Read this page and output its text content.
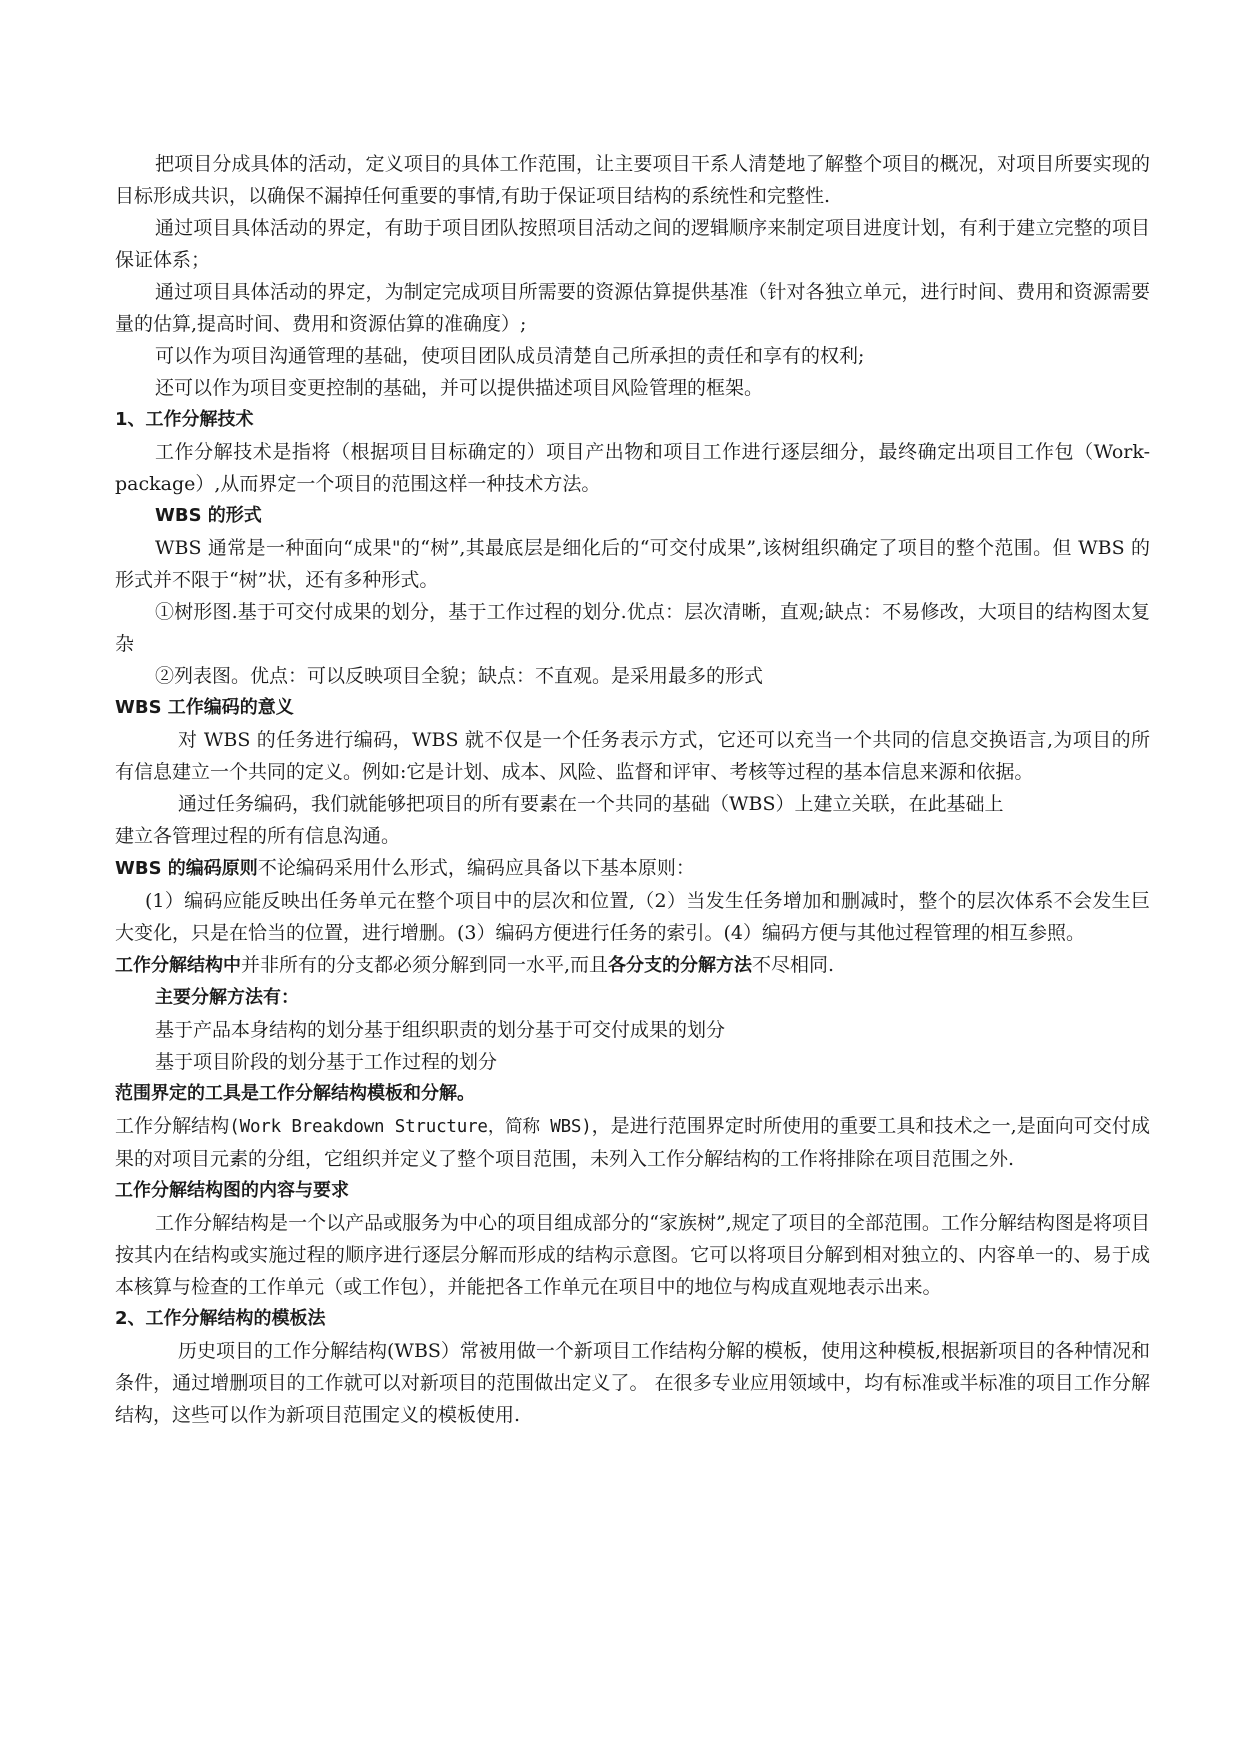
把项目分成具体的活动，定义项目的具体工作范围，让主要项目干系人清楚地了解整个项目的概况，对项目所要实现的目标形成共识，以确保不漏掉任何重要的事情,有助于保证项目结构的系统性和完整性.

通过项目具体活动的界定，有助于项目团队按照项目活动之间的逻辑顺序来制定项目进度计划，有利于建立完整的项目保证体系；

通过项目具体活动的界定，为制定完成项目所需要的资源估算提供基准（针对各独立单元，进行时间、费用和资源需要量的估算,提高时间、费用和资源估算的准确度）;

可以作为项目沟通管理的基础，使项目团队成员清楚自己所承担的责任和享有的权利;

还可以作为项目变更控制的基础，并可以提供描述项目风险管理的框架。

1、工作分解技术

工作分解技术是指将（根据项目目标确定的）项目产出物和项目工作进行逐层细分，最终确定出项目工作包（Work-package）,从而界定一个项目的范围这样一种技术方法。

WBS 的形式

WBS 通常是一种面向“成果"的“树”,其最底层是细化后的“可交付成果”,该树组织确定了项目的整个范围。但 WBS 的形式并不限于“树”状，还有多种形式。

①树形图.基于可交付成果的划分，基于工作过程的划分.优点：层次清晰，直观;缺点：不易修改，大项目的结构图太复杂

②列表图。优点：可以反映项目全貌；缺点：不直观。是采用最多的形式

WBS 工作编码的意义

对 WBS 的任务进行编码，WBS 就不仅是一个任务表示方式，它还可以充当一个共同的信息交换语言,为项目的所有信息建立一个共同的定义。例如:它是计划、成本、风险、监督和评审、考核等过程的基本信息来源和依据。

通过任务编码，我们就能够把项目的所有要素在一个共同的基础（WBS）上建立关联，在此基础上
建立各管理过程的所有信息沟通。

WBS 的编码原则不论编码采用什么形式，编码应具备以下基本原则：

(1）编码应能反映出任务单元在整个项目中的层次和位置,（2）当发生任务增加和删减时，整个的层次体系不会发生巨大变化，只是在恰当的位置，进行增删。(3）编码方便进行任务的索引。(4）编码方便与其他过程管理的相互参照。

工作分解结构中并非所有的分支都必须分解到同一水平,而且各分支的分解方法不尽相同.

主要分解方法有：

基于产品本身结构的划分基于组织职责的划分基于可交付成果的划分

基于项目阶段的划分基于工作过程的划分

范围界定的工具是工作分解结构模板和分解。

工作分解结构(Work Breakdown Structure，简称 WBS)，是进行范围界定时所使用的重要工具和技术之一,是面向可交付成果的对项目元素的分组，它组织并定义了整个项目范围，未列入工作分解结构的工作将排除在项目范围之外.

工作分解结构图的内容与要求

工作分解结构是一个以产品或服务为中心的项目组成部分的“家族树”,规定了项目的全部范围。工作分解结构图是将项目按其内在结构或实施过程的顺序进行逐层分解而形成的结构示意图。它可以将项目分解到相对独立的、内容单一的、易于成本核算与检查的工作单元（或工作包），并能把各工作单元在项目中的地位与构成直观地表示出来。

2、工作分解结构的模板法

历史项目的工作分解结构(WBS）常被用做一个新项目工作结构分解的模板，使用这种模板,根据新项目的各种情况和条件，通过增删项目的工作就可以对新项目的范围做出定义了。 在很多专业应用领域中，均有标准或半标准的项目工作分解结构，这些可以作为新项目范围定义的模板使用.
